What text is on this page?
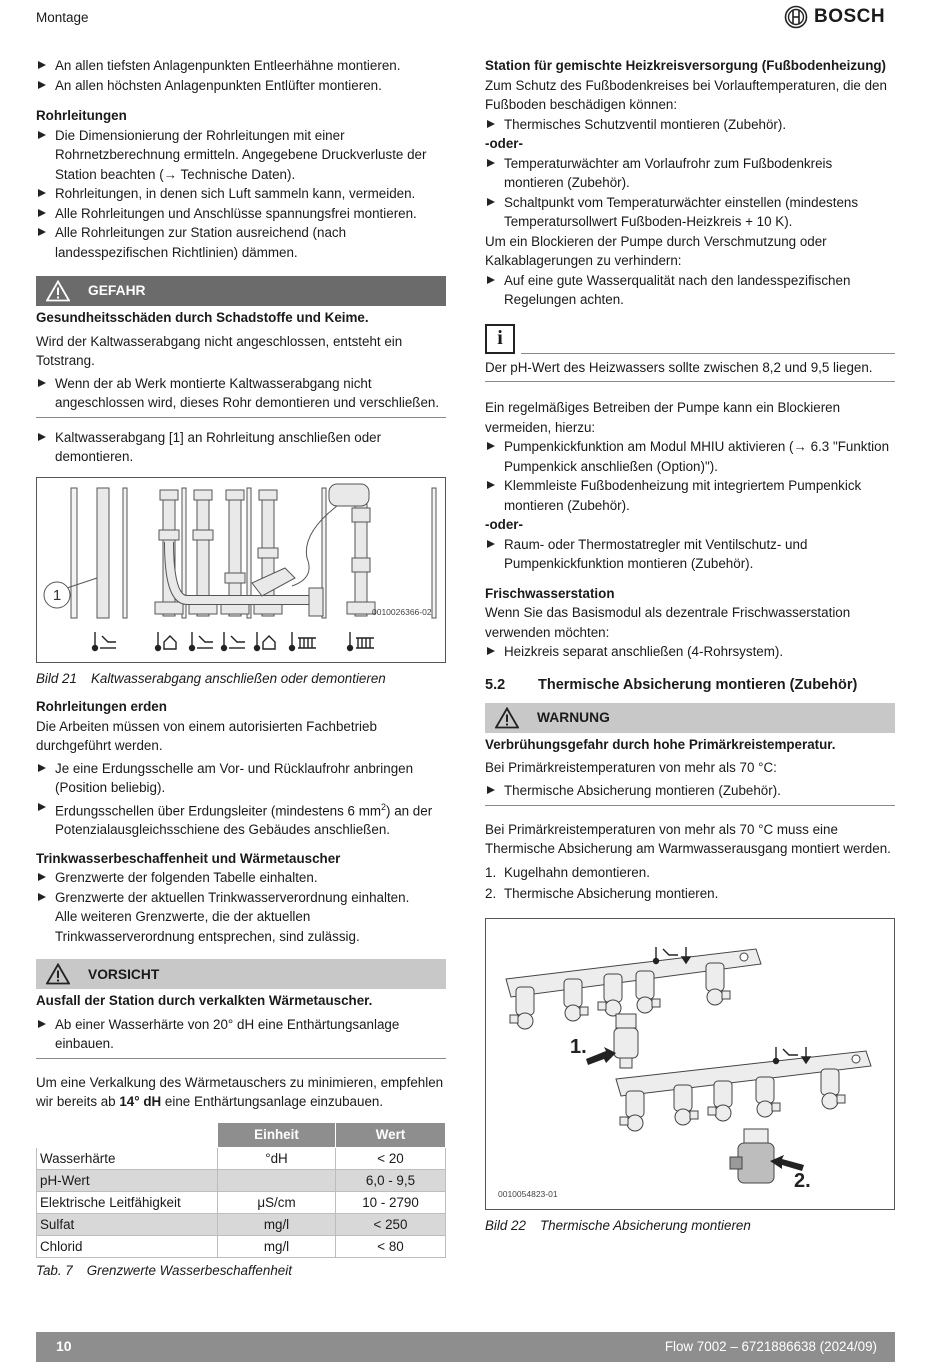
Montage	BOSCH

An allen tiefsten Anlagenpunkten Entleerhähne montieren.

An allen höchsten Anlagenpunkten Entlüfter montieren.

Rohrleitungen

Die Dimensionierung der Rohrleitungen mit einer Rohrnetzberechnung ermitteln. Angegebene Druckverluste der Station beachten (→ Technische Daten).

Rohrleitungen, in denen sich Luft sammeln kann, vermeiden.

Alle Rohrleitungen und Anschlüsse spannungsfrei montieren.

Alle Rohrleitungen zur Station ausreichend (nach landesspezifischen Richtlinien) dämmen.

GEFAHR

Gesundheitsschäden durch Schadstoffe und Keime.

Wird der Kaltwasserabgang nicht angeschlossen, entsteht ein Totstrang.

Wenn der ab Werk montierte Kaltwasserabgang nicht angeschlossen wird, dieses Rohr demontieren und verschließen.

Kaltwasserabgang [1] an Rohrleitung anschließen oder demontieren.

1
0010026366-02

Bild 21 Kaltwasserabgang anschließen oder demontieren

Rohrleitungen erden

Die Arbeiten müssen von einem autorisierten Fachbetrieb durchgeführt werden.

Je eine Erdungsschelle am Vor- und Rücklaufrohr anbringen (Position beliebig).

Erdungsschellen über Erdungsleiter (mindestens 6 $mm^2$) an der Potenzialausgleichsschiene des Gebäudes anschließen.

Trinkwasserbeschaffenheit und Wärmetauscher

Grenzwerte der folgenden Tabelle einhalten.

Grenzwerte der aktuellen Trinkwasserverordnung einhalten.
Alle weiteren Grenzwerte, die der aktuellen Trinkwasserverordnung entsprechen, sind zulässig.

VORSICHT

Ausfall der Station durch verkalkten Wärmetauscher.

Ab einer Wasserhärte von 20° dH eine Enthärtungsanlage einbauen.

Um eine Verkalkung des Wärmetauschers zu minimieren, empfehlen wir bereits ab 14° dH eine Enthärtungsanlage einzubauen.

	Einheit	Wert
Wasserhärte	°dH	< 20
pH-Wert		6,0 - 9,5
Elektrische Leitfähigkeit	μS/cm	10 - 2790
Sulfat	mg/l	< 250
Chlorid	mg/l	< 80

Tab. 7 Grenzwerte Wasserbeschaffenheit

Station für gemischte Heizkreisversorgung (Fußbodenheizung)

Zum Schutz des Fußbodenkreises bei Vorlauftemperaturen, die den Fußboden beschädigen können:

Thermisches Schutzventil montieren (Zubehör).

-oder-

Temperaturwächter am Vorlaufrohr zum Fußbodenkreis montieren (Zubehör).

Schaltpunkt vom Temperaturwächter einstellen (mindestens Temperatursollwert Fußboden-Heizkreis + 10 K).

Um ein Blockieren der Pumpe durch Verschmutzung oder Kalkablagerungen zu verhindern:

Auf eine gute Wasserqualität nach den landesspezifischen Regelungen achten.

i

Der pH-Wert des Heizwassers sollte zwischen 8,2 und 9,5 liegen.

Ein regelmäßiges Betreiben der Pumpe kann ein Blockieren vermeiden, hierzu:

Pumpenkickfunktion am Modul MHIU aktivieren (→ 6.3 "Funktion Pumpenkick anschließen (Option)").

Klemmleiste Fußbodenheizung mit integriertem Pumpenkick montieren (Zubehör).

-oder-

Raum- oder Thermostatregler mit Ventilschutz- und Pumpenkickfunktion montieren (Zubehör).

Frischwasserstation

Wenn Sie das Basismodul als dezentrale Frischwasserstation verwenden möchten:

Heizkreis separat anschließen (4-Rohrsystem).

5.2	Thermische Absicherung montieren (Zubehör)
WARNUNG

Verbrühungsgefahr durch hohe Primärkreistemperatur.

Bei Primärkreistemperaturen von mehr als 70 °C:

Thermische Absicherung montieren (Zubehör).

Bei Primärkreistemperaturen von mehr als 70 °C muss eine Thermische Absicherung am Warmwasserausgang montiert werden.

1. Kugelhahn demontieren.

2. Thermische Absicherung montieren.

1.
2.
0010054823-01

Bild 22 Thermische Absicherung montieren

10	Flow 7002 – 6721886638 (2024/09)
